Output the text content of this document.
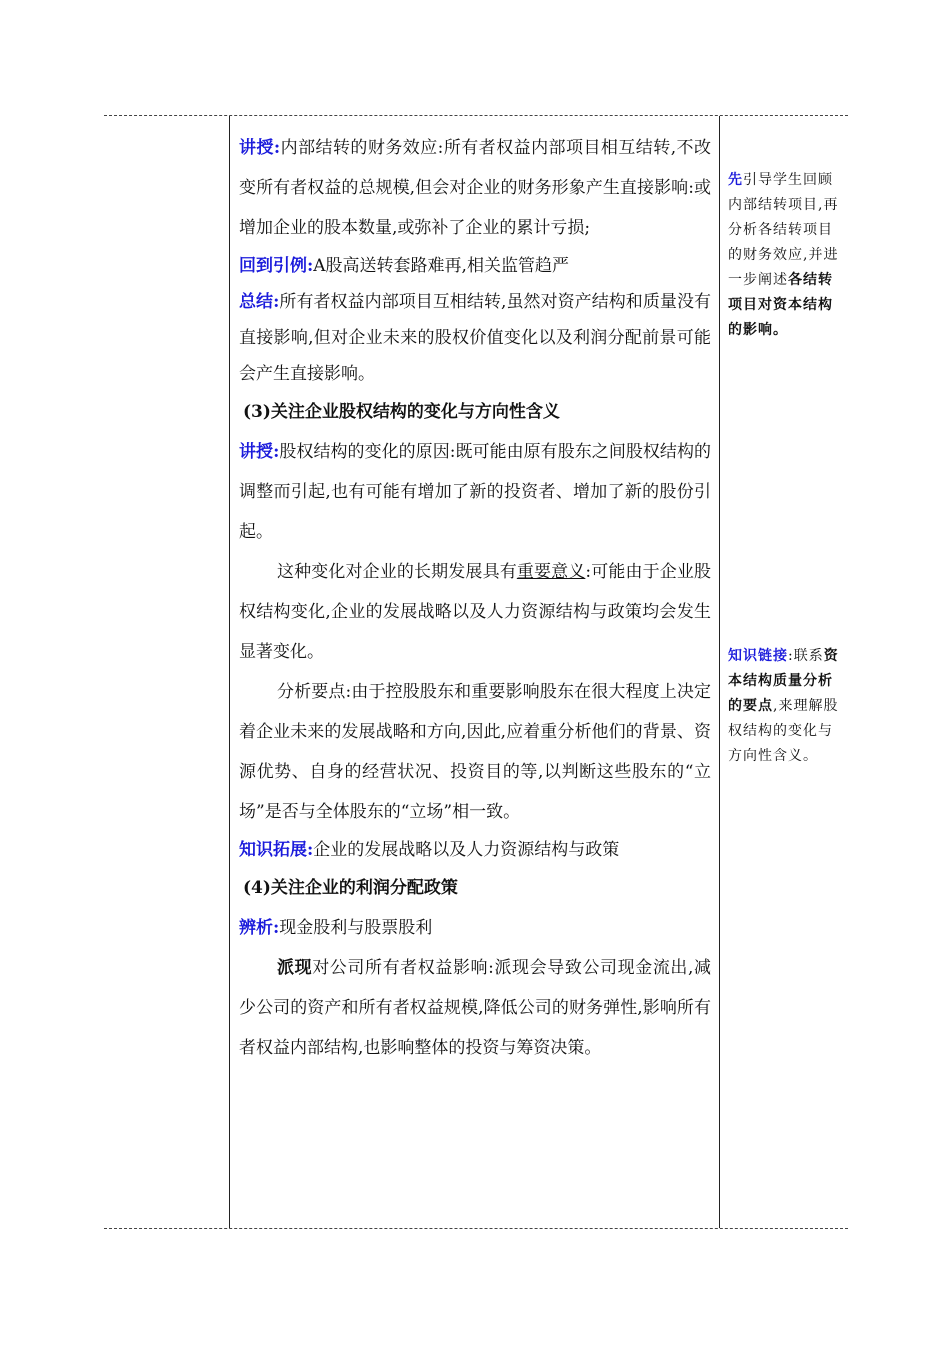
讲授:内部结转的财务效应:所有者权益内部项目相互结转,不改变所有者权益的总规模,但会对企业的财务形象产生直接影响:或增加企业的股本数量,或弥补了企业的累计亏损;

回到引例:A股高送转套路难再,相关监管趋严

总结:所有者权益内部项目互相结转,虽然对资产结构和质量没有直接影响,但对企业未来的股权价值变化以及利润分配前景可能会产生直接影响。

(3)关注企业股权结构的变化与方向性含义

讲授:股权结构的变化的原因:既可能由原有股东之间股权结构的调整而引起,也有可能有增加了新的投资者、增加了新的股份引起。

这种变化对企业的长期发展具有重要意义:可能由于企业股权结构变化,企业的发展战略以及人力资源结构与政策均会发生显著变化。

分析要点:由于控股股东和重要影响股东在很大程度上决定着企业未来的发展战略和方向,因此,应着重分析他们的背景、资源优势、自身的经营状况、投资目的等,以判断这些股东的“立场”是否与全体股东的“立场”相一致。

知识拓展:企业的发展战略以及人力资源结构与政策

(4)关注企业的利润分配政策

辨析:现金股利与股票股利

派现对公司所有者权益影响:派现会导致公司现金流出,减少公司的资产和所有者权益规模,降低公司的财务弹性,影响所有者权益内部结构,也影响整体的投资与筹资决策。

先引导学生回顾内部结转项目,再分析各结转项目的财务效应,并进一步阐述各结转项目对资本结构的影响。
知识链接:联系资本结构质量分析的要点,来理解股权结构的变化与方向性含义。
